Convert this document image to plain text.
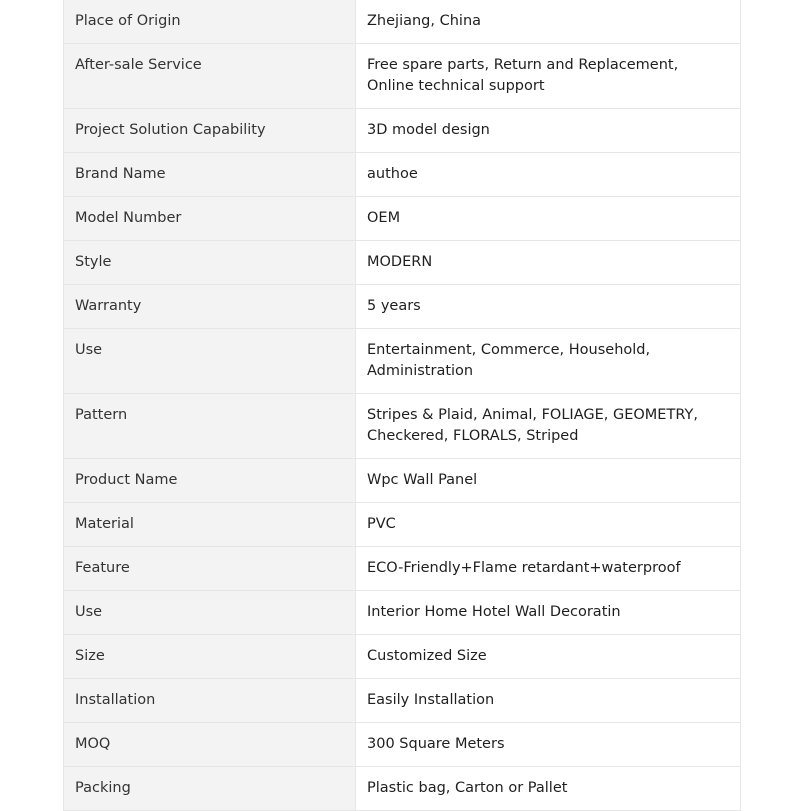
Place of Origin	Zhejiang, China
After-sale Service	Free spare parts, Return and Replacement, Online technical support
Project Solution Capability	3D model design
Brand Name	authoe
Model Number	OEM
Style	MODERN
Warranty	5 years
Use	Entertainment, Commerce, Household, Administration
Pattern	Stripes & Plaid, Animal, FOLIAGE, GEOMETRY, Checkered, FLORALS, Striped
Product Name	Wpc Wall Panel
Material	PVC
Feature	ECO-Friendly+Flame retardant+waterproof
Use	Interior Home Hotel Wall Decoratin
Size	Customized Size
Installation	Easily Installation
MOQ	300 Square Meters
Packing	Plastic bag, Carton or Pallet
